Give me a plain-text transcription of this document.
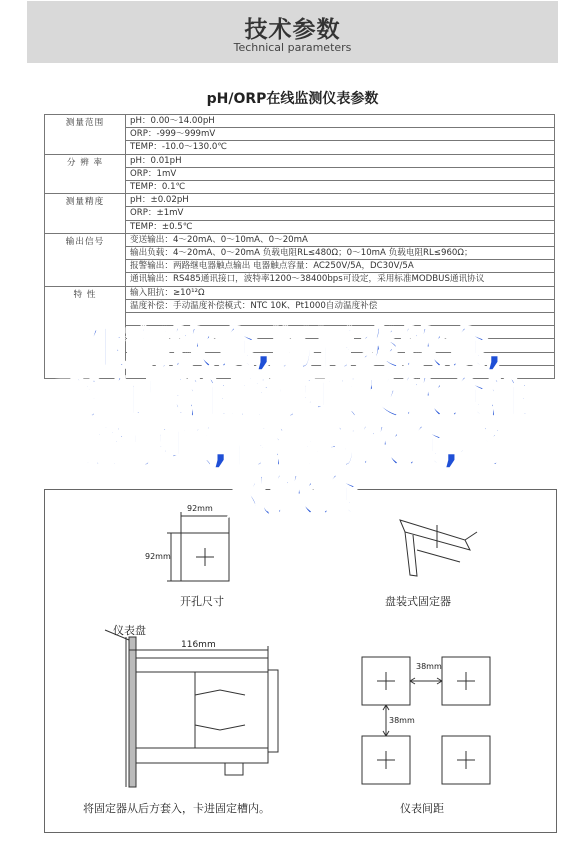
技术参数
Technical parameters
pH/ORP在线监测仪表参数
测量范围	pH：0.00～14.00pH
	ORP：-999～999mV
	TEMP：-10.0～130.0℃
分 辨 率	pH：0.01pH
	ORP：1mV
	TEMP：0.1℃
测量精度	pH：±0.02pH
	ORP：±1mV
	TEMP：±0.5℃
输出信号	变送输出：4～20mA、0～10mA、0～20mA
	输出负载：4～20mA、0～20mA 负载电阻RL≤480Ω；0～10mA 负载电阻RL≤960Ω；
	报警输出：两路继电器触点输出 电器触点容量：AC250V/5A，DC30V/5A
	通讯输出：RS485通讯接口，波特率1200～38400bps可设定，采用标准MODBUS通讯协议
特 性	输入阻抗：≥10¹²Ω
	温度补偿：手动温度补偿模式：NTC 10K、Pt1000自动温度补偿

92mm
92mm
开孔尺寸	盘装式固定器
仪表盘
116mm
将固定器从后方套入，卡进固定槽内。	仪表间距
38mm
38mm
生酮饮食,肠胃炎饮食,
高血压注意事项及饮食注
意事项,胃溃疡饮食,痛
风饮食
